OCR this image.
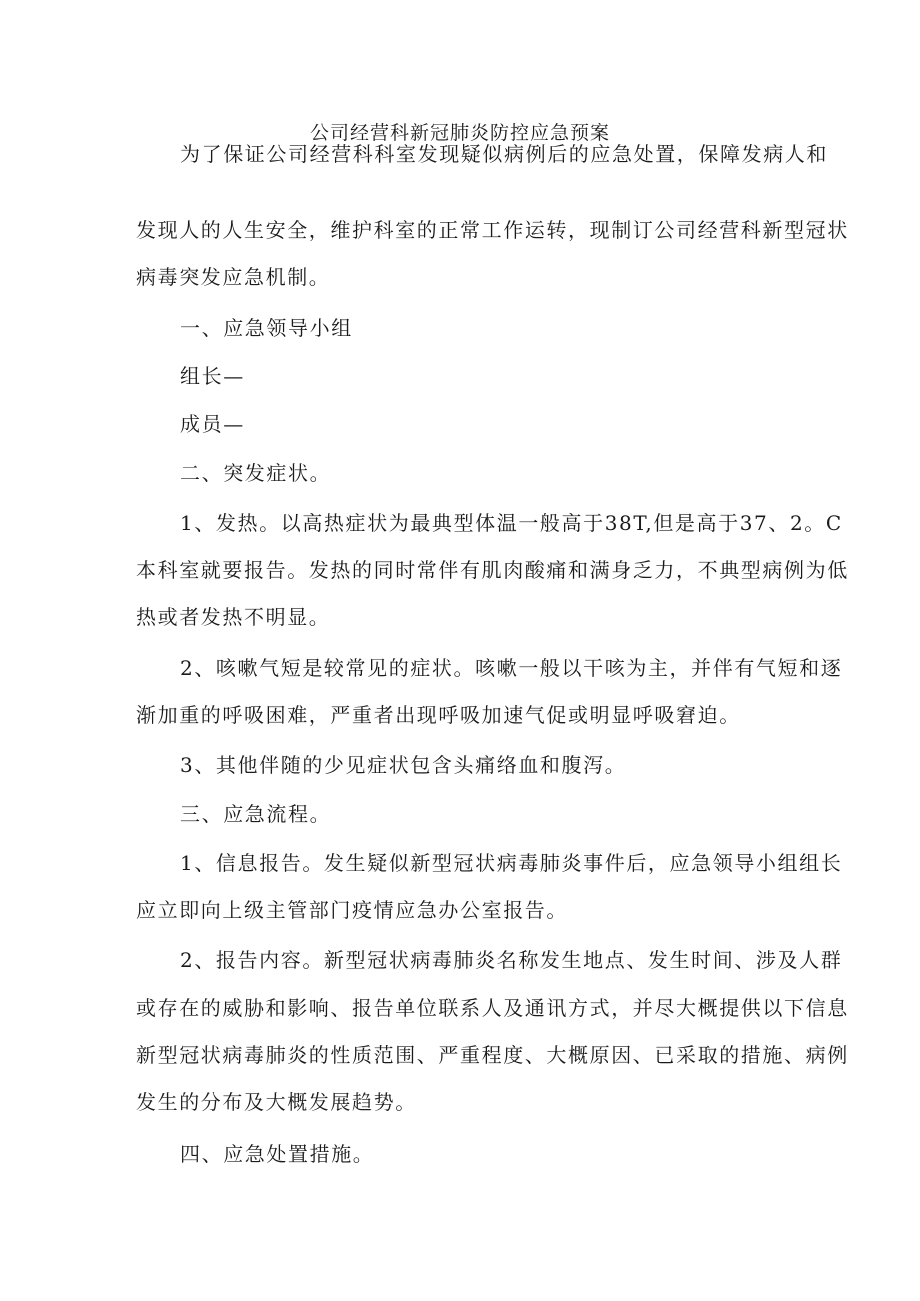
公司经营科新冠肺炎防控应急预案
为了保证公司经营科科室发现疑似病例后的应急处置，保障发病人和
发现人的人生安全，维护科室的正常工作运转，现制订公司经营科新型冠状
病毒突发应急机制。
一、应急领导小组
组长—
成员—
二、突发症状。
1、发热。以高热症状为最典型体温一般高于38T,但是高于37、2。C
本科室就要报告。发热的同时常伴有肌肉酸痛和满身乏力，不典型病例为低
热或者发热不明显。
2、咳嗽气短是较常见的症状。咳嗽一般以干咳为主，并伴有气短和逐
渐加重的呼吸困难，严重者出现呼吸加速气促或明显呼吸窘迫。
3、其他伴随的少见症状包含头痛络血和腹泻。
三、应急流程。
1、信息报告。发生疑似新型冠状病毒肺炎事件后，应急领导小组组长
应立即向上级主管部门疫情应急办公室报告。
2、报告内容。新型冠状病毒肺炎名称发生地点、发生时间、涉及人群
或存在的威胁和影响、报告单位联系人及通讯方式，并尽大概提供以下信息
新型冠状病毒肺炎的性质范围、严重程度、大概原因、已采取的措施、病例
发生的分布及大概发展趋势。
四、应急处置措施。
